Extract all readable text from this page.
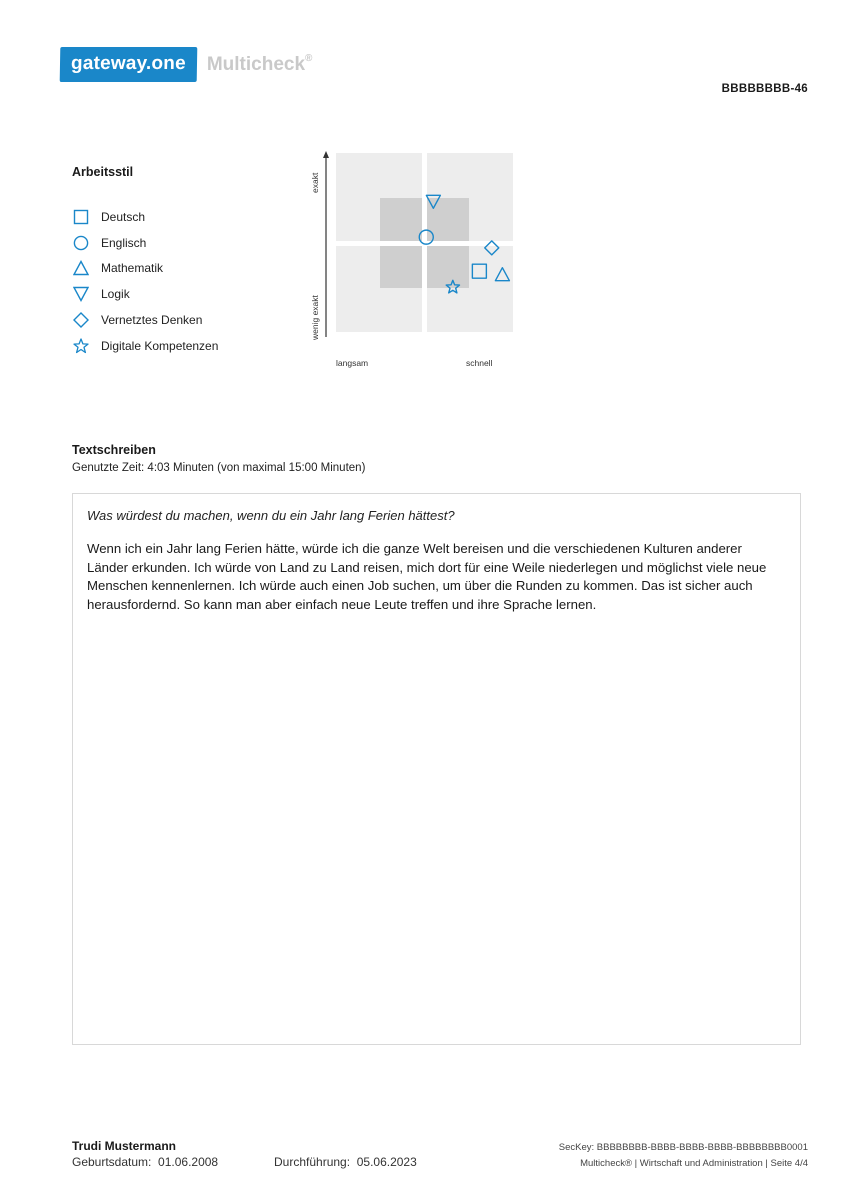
gateway.one	Multicheck®
BBBBBBBB-46
Arbeitsstil
Deutsch
Englisch
Mathematik
Logik
Vernetztes Denken
Digitale Kompetenzen
exakt
wenig exakt
langsam	schnell
Textschreiben
Genutzte Zeit: 4:03 Minuten (von maximal 15:00 Minuten)
Was würdest du machen, wenn du ein Jahr lang Ferien hättest?
Wenn ich ein Jahr lang Ferien hätte, würde ich die ganze Welt bereisen und die verschiedenen Kulturen anderer Länder erkunden. Ich würde von Land zu Land reisen, mich dort für eine Weile niederlegen und möglichst viele neue Menschen kennenlernen. Ich würde auch einen Job suchen, um über die Runden zu kommen. Das ist sicher auch herausfordernd. So kann man aber einfach neue Leute treffen und ihre Sprache lernen.
Trudi Mustermann
Geburtsdatum: 01.06.2008	Durchführung: 05.06.2023
SecKey: BBBBBBBB-BBBB-BBBB-BBBB-BBBBBBBB0001
Multicheck® | Wirtschaft und Administration | Seite 4/4
